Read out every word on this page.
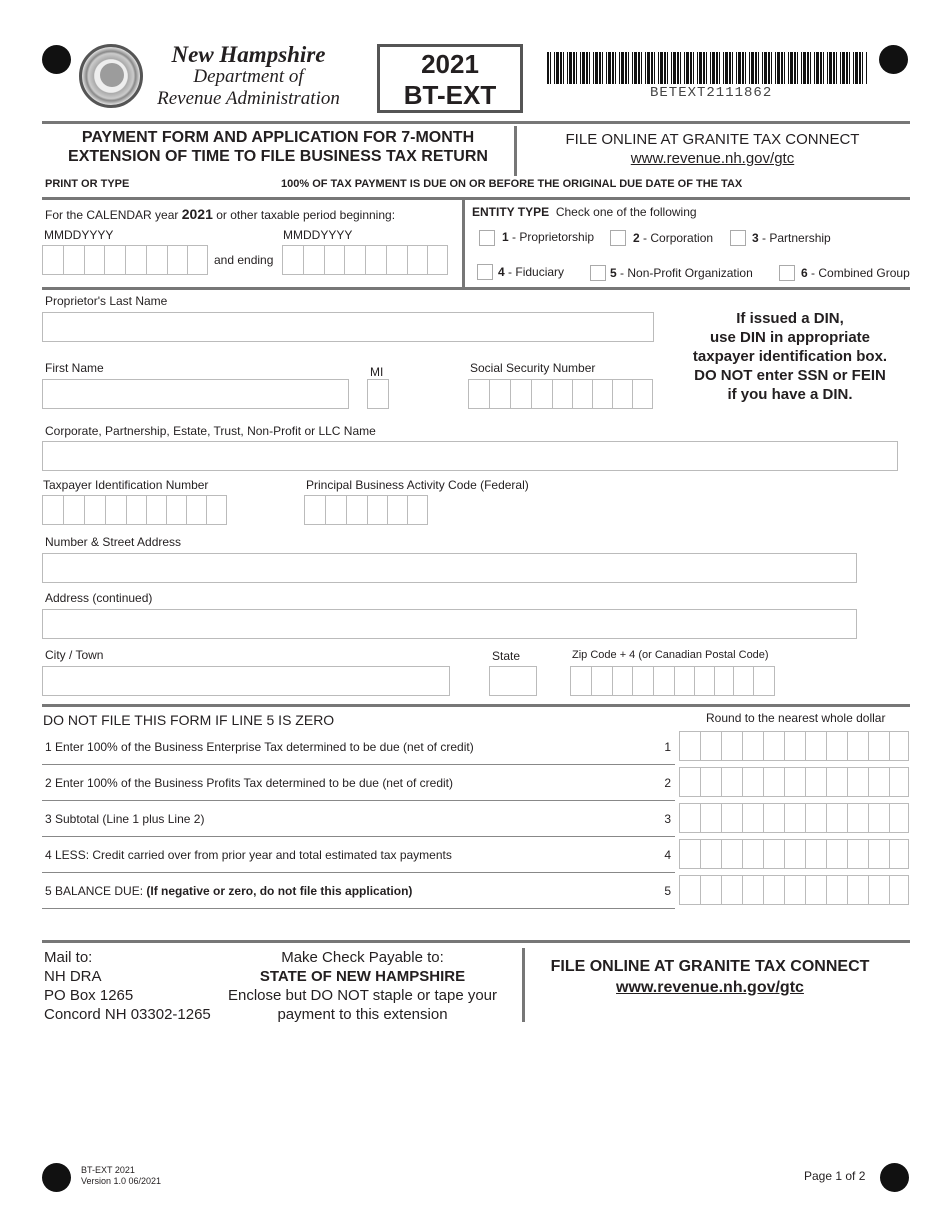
New Hampshire
Department of
Revenue Administration
2021
BT-EXT	BETEXT2111862
PAYMENT FORM AND APPLICATION FOR 7-MONTH
EXTENSION OF TIME TO FILE BUSINESS TAX RETURN
FILE ONLINE AT GRANITE TAX CONNECT
www.revenue.nh.gov/gtc
PRINT OR TYPE	100% OF TAX PAYMENT IS DUE ON OR BEFORE THE ORIGINAL DUE DATE OF THE TAX
For the CALENDAR year 2021 or other taxable period beginning:
MMDDYYYY
and ending
MMDDYYYY
ENTITY TYPE Check one of the following
1 - Proprietorship	2 - Corporation	3 - Partnership
4 - Fiduciary	5 - Non-Profit Organization	6 - Combined Group
Proprietor's Last Name
If issued a DIN,
use DIN in appropriate
taxpayer identification box.
DO NOT enter SSN or FEIN
if you have a DIN.
First Name	MI	Social Security Number
Corporate, Partnership, Estate, Trust, Non-Profit or LLC Name
Taxpayer Identification Number	Principal Business Activity Code (Federal)
Number & Street Address
Address (continued)
City / Town	State	Zip Code + 4 (or Canadian Postal Code)
DO NOT FILE THIS FORM IF LINE 5 IS ZERO	Round to the nearest whole dollar
1 Enter 100% of the Business Enterprise Tax determined to be due (net of credit)	1
2 Enter 100% of the Business Profits Tax determined to be due (net of credit)	2
3 Subtotal (Line 1 plus Line 2)	3
4 LESS: Credit carried over from prior year and total estimated tax payments	4
5 BALANCE DUE: (If negative or zero, do not file this application)	5
Mail to:
NH DRA
PO Box 1265
Concord NH 03302-1265
Make Check Payable to:
STATE OF NEW HAMPSHIRE
Enclose but DO NOT staple or tape your
payment to this extension
FILE ONLINE AT GRANITE TAX CONNECT
www.revenue.nh.gov/gtc
BT-EXT 2021
Version 1.0 06/2021	Page 1 of 2
